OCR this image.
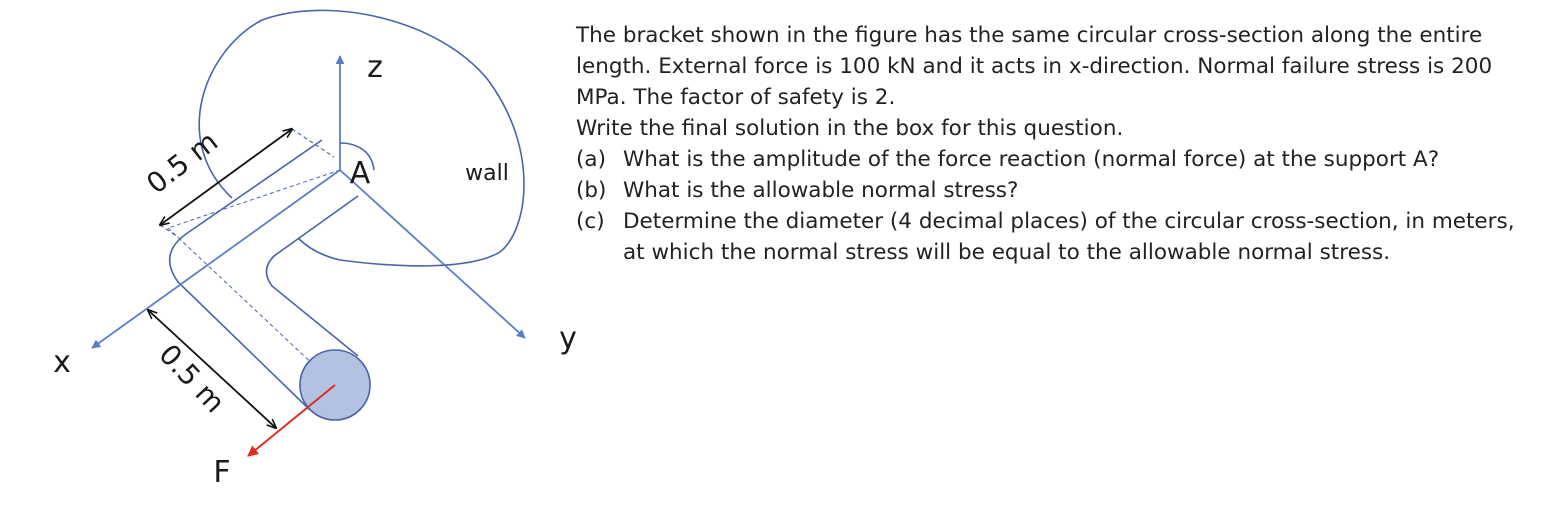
z
A	wall
x
y
F
0.5 m
0.5 m

The bracket shown in the figure has the same circular cross-section along the entire length. External force is 100 kN and it acts in x-direction. Normal failure stress is 200 MPa. The factor of safety is 2.

Write the final solution in the box for this question.

(a) What is the amplitude of the force reaction (normal force) at the support A?
(b) What is the allowable normal stress?
(c) Determine the diameter (4 decimal places) of the circular cross-section, in meters, at which the normal stress will be equal to the allowable normal stress.
